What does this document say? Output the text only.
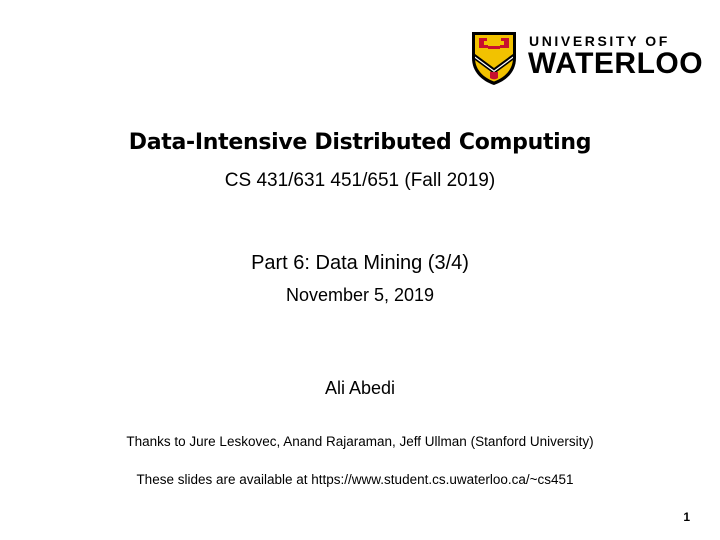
UNIVERSITY OF
WATERLOO
Data-Intensive Distributed Computing
CS 431/631 451/651 (Fall 2019)
Part 6: Data Mining (3/4)
November 5, 2019
Ali Abedi
Thanks to Jure Leskovec, Anand Rajaraman, Jeff Ullman (Stanford University)
These slides are available at https://www.student.cs.uwaterloo.ca/~cs451
1
